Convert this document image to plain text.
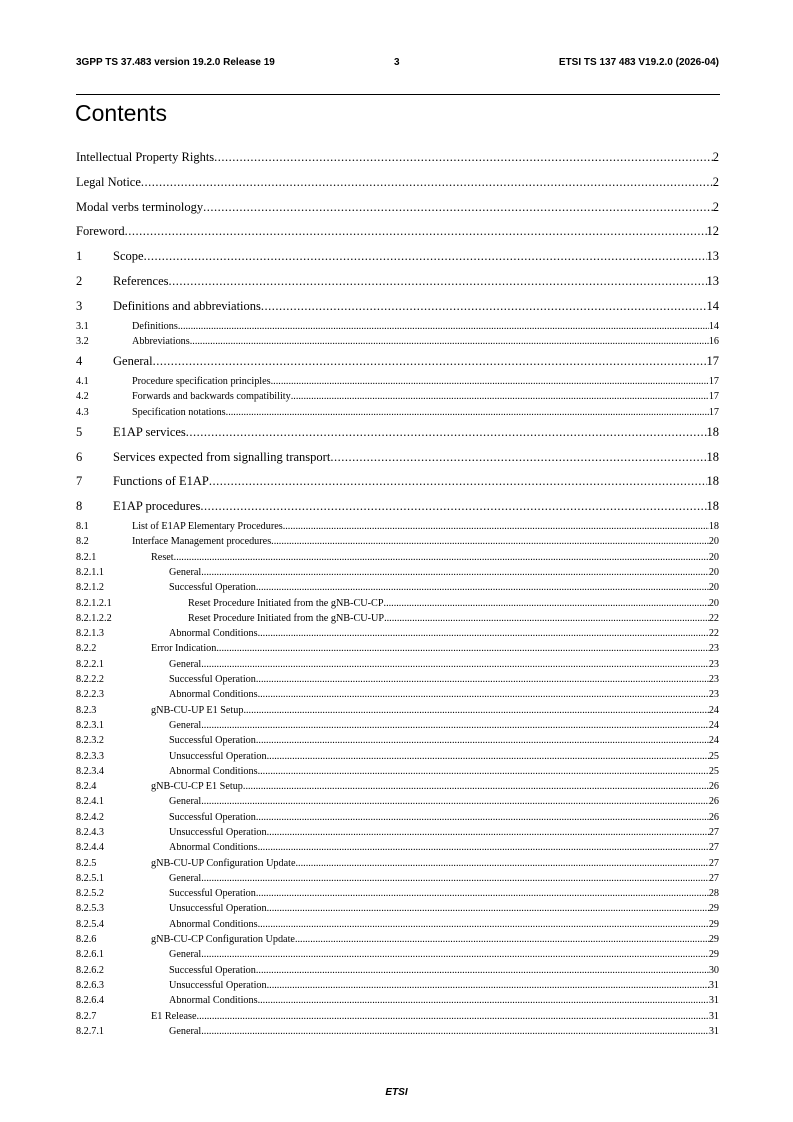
3GPP TS 37.483 version 19.2.0 Release 19	3	ETSI TS 137 483 V19.2.0 (2026-04)
Contents
Intellectual Property Rights .....	2
Legal Notice .....	2
Modal verbs terminology .....	2
Foreword .....	12
1	Scope .....	13
2	References .....	13
3	Definitions and abbreviations .....	14
3.1	Definitions .....	14
3.2	Abbreviations .....	16
4	General .....	17
4.1	Procedure specification principles .....	17
4.2	Forwards and backwards compatibility .....	17
4.3	Specification notations .....	17
5	E1AP services .....	18
6	Services expected from signalling transport .....	18
7	Functions of E1AP .....	18
8	E1AP procedures .....	18
8.1	List of E1AP Elementary Procedures .....	18
8.2	Interface Management procedures .....	20
8.2.1	Reset .....	20
8.2.1.1	General .....	20
8.2.1.2	Successful Operation .....	20
8.2.1.2.1	Reset Procedure Initiated from the gNB-CU-CP .....	20
8.2.1.2.2	Reset Procedure Initiated from the gNB-CU-UP .....	22
8.2.1.3	Abnormal Conditions .....	22
8.2.2	Error Indication .....	23
8.2.2.1	General .....	23
8.2.2.2	Successful Operation .....	23
8.2.2.3	Abnormal Conditions .....	23
8.2.3	gNB-CU-UP E1 Setup .....	24
8.2.3.1	General .....	24
8.2.3.2	Successful Operation .....	24
8.2.3.3	Unsuccessful Operation .....	25
8.2.3.4	Abnormal Conditions .....	25
8.2.4	gNB-CU-CP E1 Setup .....	26
8.2.4.1	General .....	26
8.2.4.2	Successful Operation .....	26
8.2.4.3	Unsuccessful Operation .....	27
8.2.4.4	Abnormal Conditions .....	27
8.2.5	gNB-CU-UP Configuration Update .....	27
8.2.5.1	General .....	27
8.2.5.2	Successful Operation .....	28
8.2.5.3	Unsuccessful Operation .....	29
8.2.5.4	Abnormal Conditions .....	29
8.2.6	gNB-CU-CP Configuration Update .....	29
8.2.6.1	General .....	29
8.2.6.2	Successful Operation .....	30
8.2.6.3	Unsuccessful Operation .....	31
8.2.6.4	Abnormal Conditions .....	31
8.2.7	E1 Release .....	31
8.2.7.1	General .....	31
ETSI
